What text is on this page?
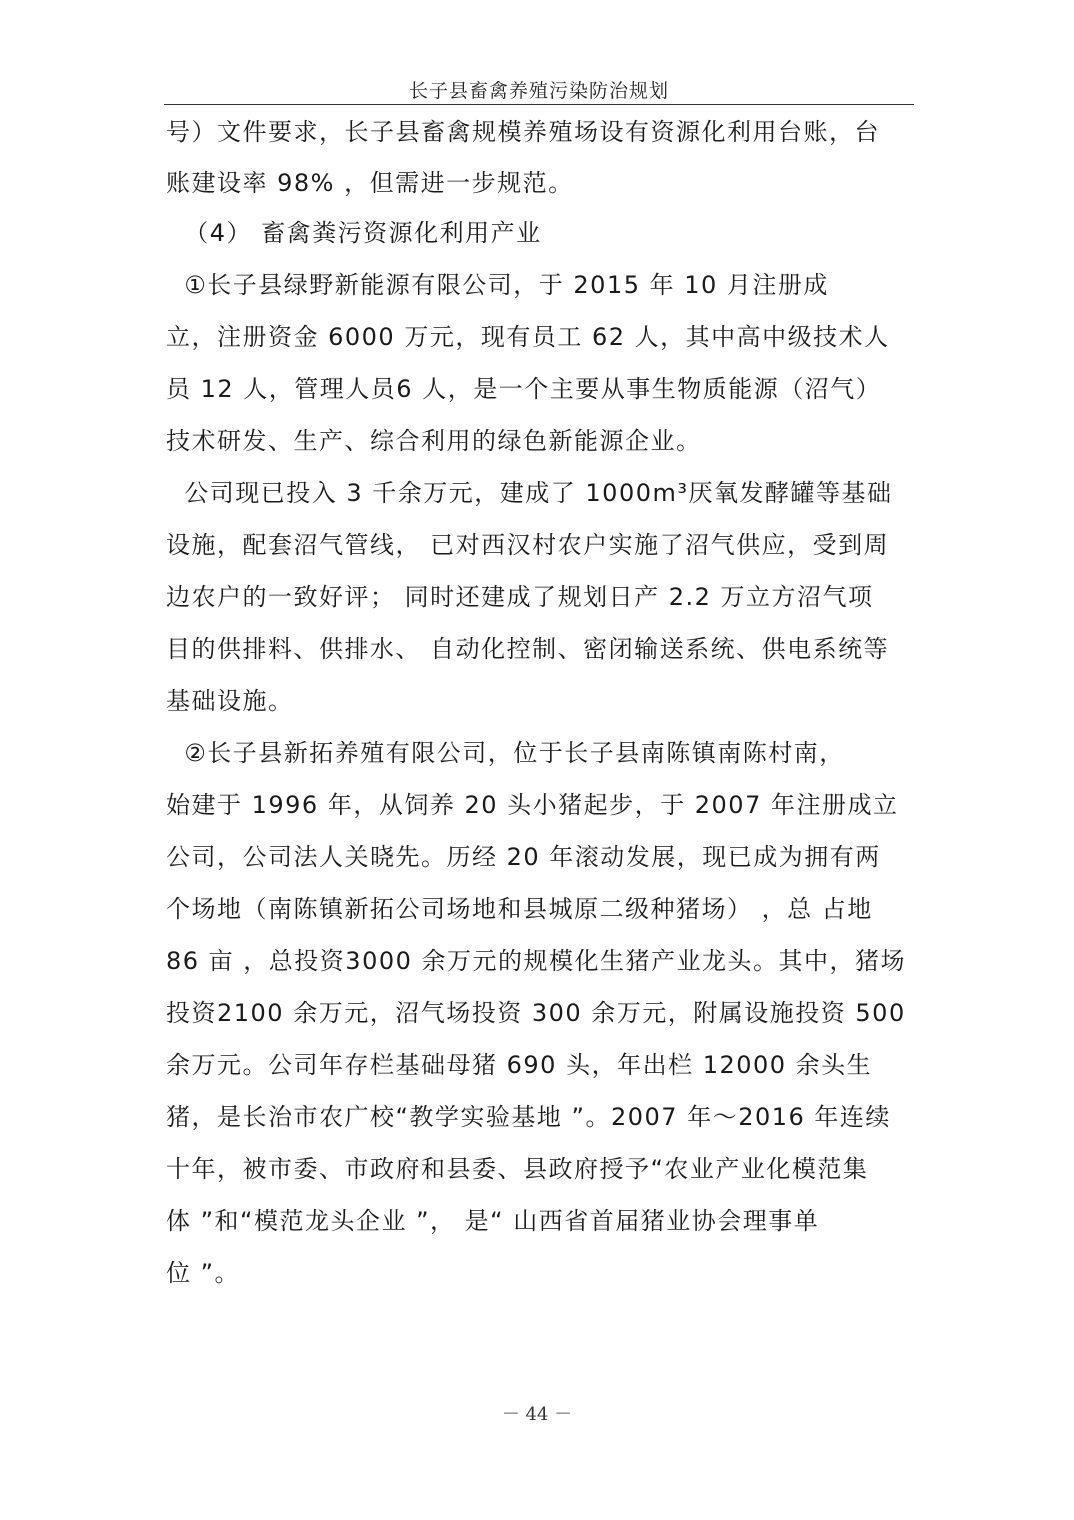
长子县畜禽养殖污染防治规划
号）文件要求，长子县畜禽规模养殖场设有资源化利用台账，台
账建设率 98% ，但需进一步规范。
（4） 畜禽粪污资源化利用产业
①长子县绿野新能源有限公司，于 2015 年 10 月注册成
立，注册资金 6000 万元，现有员工 62 人，其中高中级技术人
员 12 人，管理人员6 人，是一个主要从事生物质能源（沼气）
技术研发、生产、综合利用的绿色新能源企业。
公司现已投入 3 千余万元，建成了 1000m³厌氧发酵罐等基础
设施，配套沼气管线， 已对西汉村农户实施了沼气供应，受到周
边农户的一致好评； 同时还建成了规划日产 2.2 万立方沼气项
目的供排料、供排水、 自动化控制、密闭输送系统、供电系统等
基础设施。
②长子县新拓养殖有限公司，位于长子县南陈镇南陈村南，
始建于 1996 年，从饲养 20 头小猪起步，于 2007 年注册成立
公司，公司法人关晓先。历经 20 年滚动发展，现已成为拥有两
个场地（南陈镇新拓公司场地和县城原二级种猪场） ，总 占地
86 亩 ，总投资3000 余万元的规模化生猪产业龙头。其中，猪场
投资2100 余万元，沼气场投资 300 余万元，附属设施投资 500
余万元。公司年存栏基础母猪 690 头，年出栏 12000 余头生
猪，是长治市农广校“教学实验基地 ”。2007 年～2016 年连续
十年，被市委、市政府和县委、县政府授予“农业产业化模范集
体 ”和“模范龙头企业 ”， 是“ 山西省首届猪业协会理事单
位 ”。
－ 44 －
